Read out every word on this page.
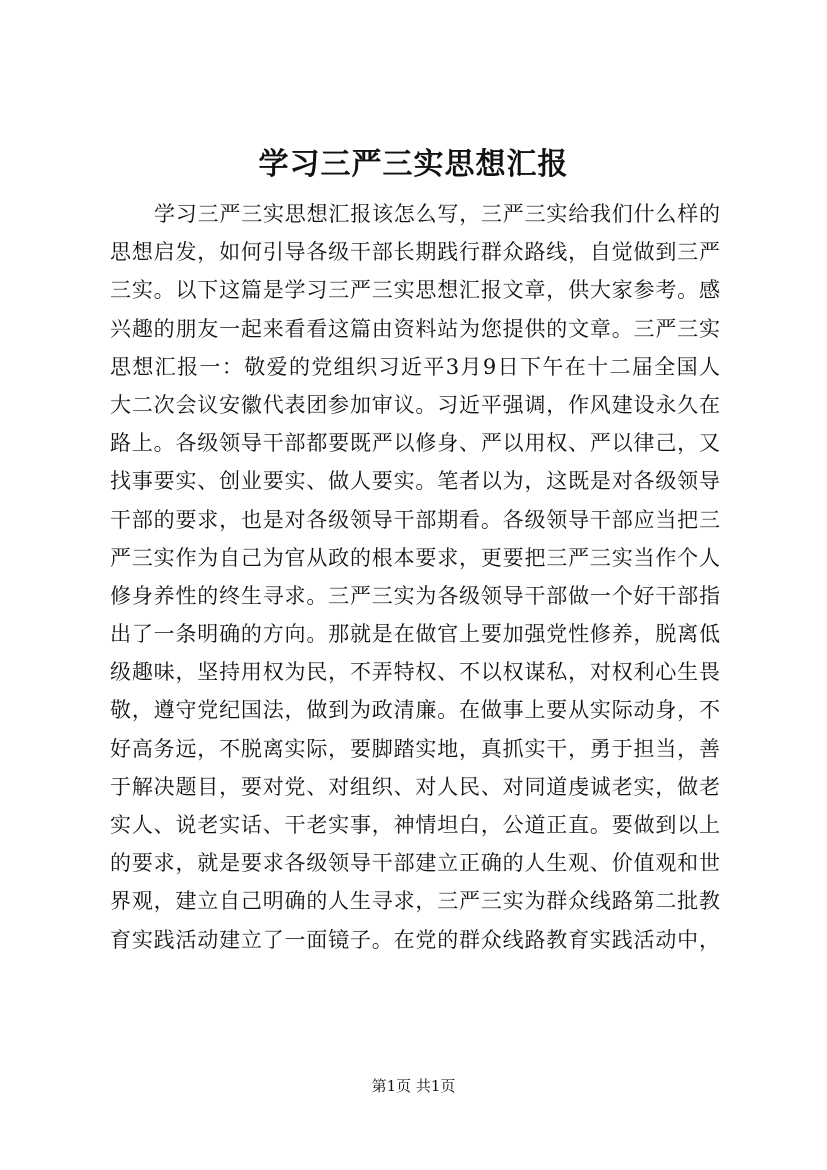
学习三严三实思想汇报
学习三严三实思想汇报该怎么写，三严三实给我们什么样的
思想启发，如何引导各级干部长期践行群众路线，自觉做到三严
三实。以下这篇是学习三严三实思想汇报文章，供大家参考。感
兴趣的朋友一起来看看这篇由资料站为您提供的文章。三严三实
思想汇报一：敬爱的党组织习近平3月9日下午在十二届全国人
大二次会议安徽代表团参加审议。习近平强调，作风建设永久在
路上。各级领导干部都要既严以修身、严以用权、严以律己，又
找事要实、创业要实、做人要实。笔者以为，这既是对各级领导
干部的要求，也是对各级领导干部期看。各级领导干部应当把三
严三实作为自己为官从政的根本要求，更要把三严三实当作个人
修身养性的终生寻求。三严三实为各级领导干部做一个好干部指
出了一条明确的方向。那就是在做官上要加强党性修养，脱离低
级趣味，坚持用权为民，不弄特权、不以权谋私，对权利心生畏
敬，遵守党纪国法，做到为政清廉。在做事上要从实际动身，不
好高务远，不脱离实际，要脚踏实地，真抓实干，勇于担当，善
于解决题目，要对党、对组织、对人民、对同道虔诚老实，做老
实人、说老实话、干老实事，神情坦白，公道正直。要做到以上
的要求，就是要求各级领导干部建立正确的人生观、价值观和世
界观，建立自己明确的人生寻求，三严三实为群众线路第二批教
育实践活动建立了一面镜子。在党的群众线路教育实践活动中，
第1页 共1页
